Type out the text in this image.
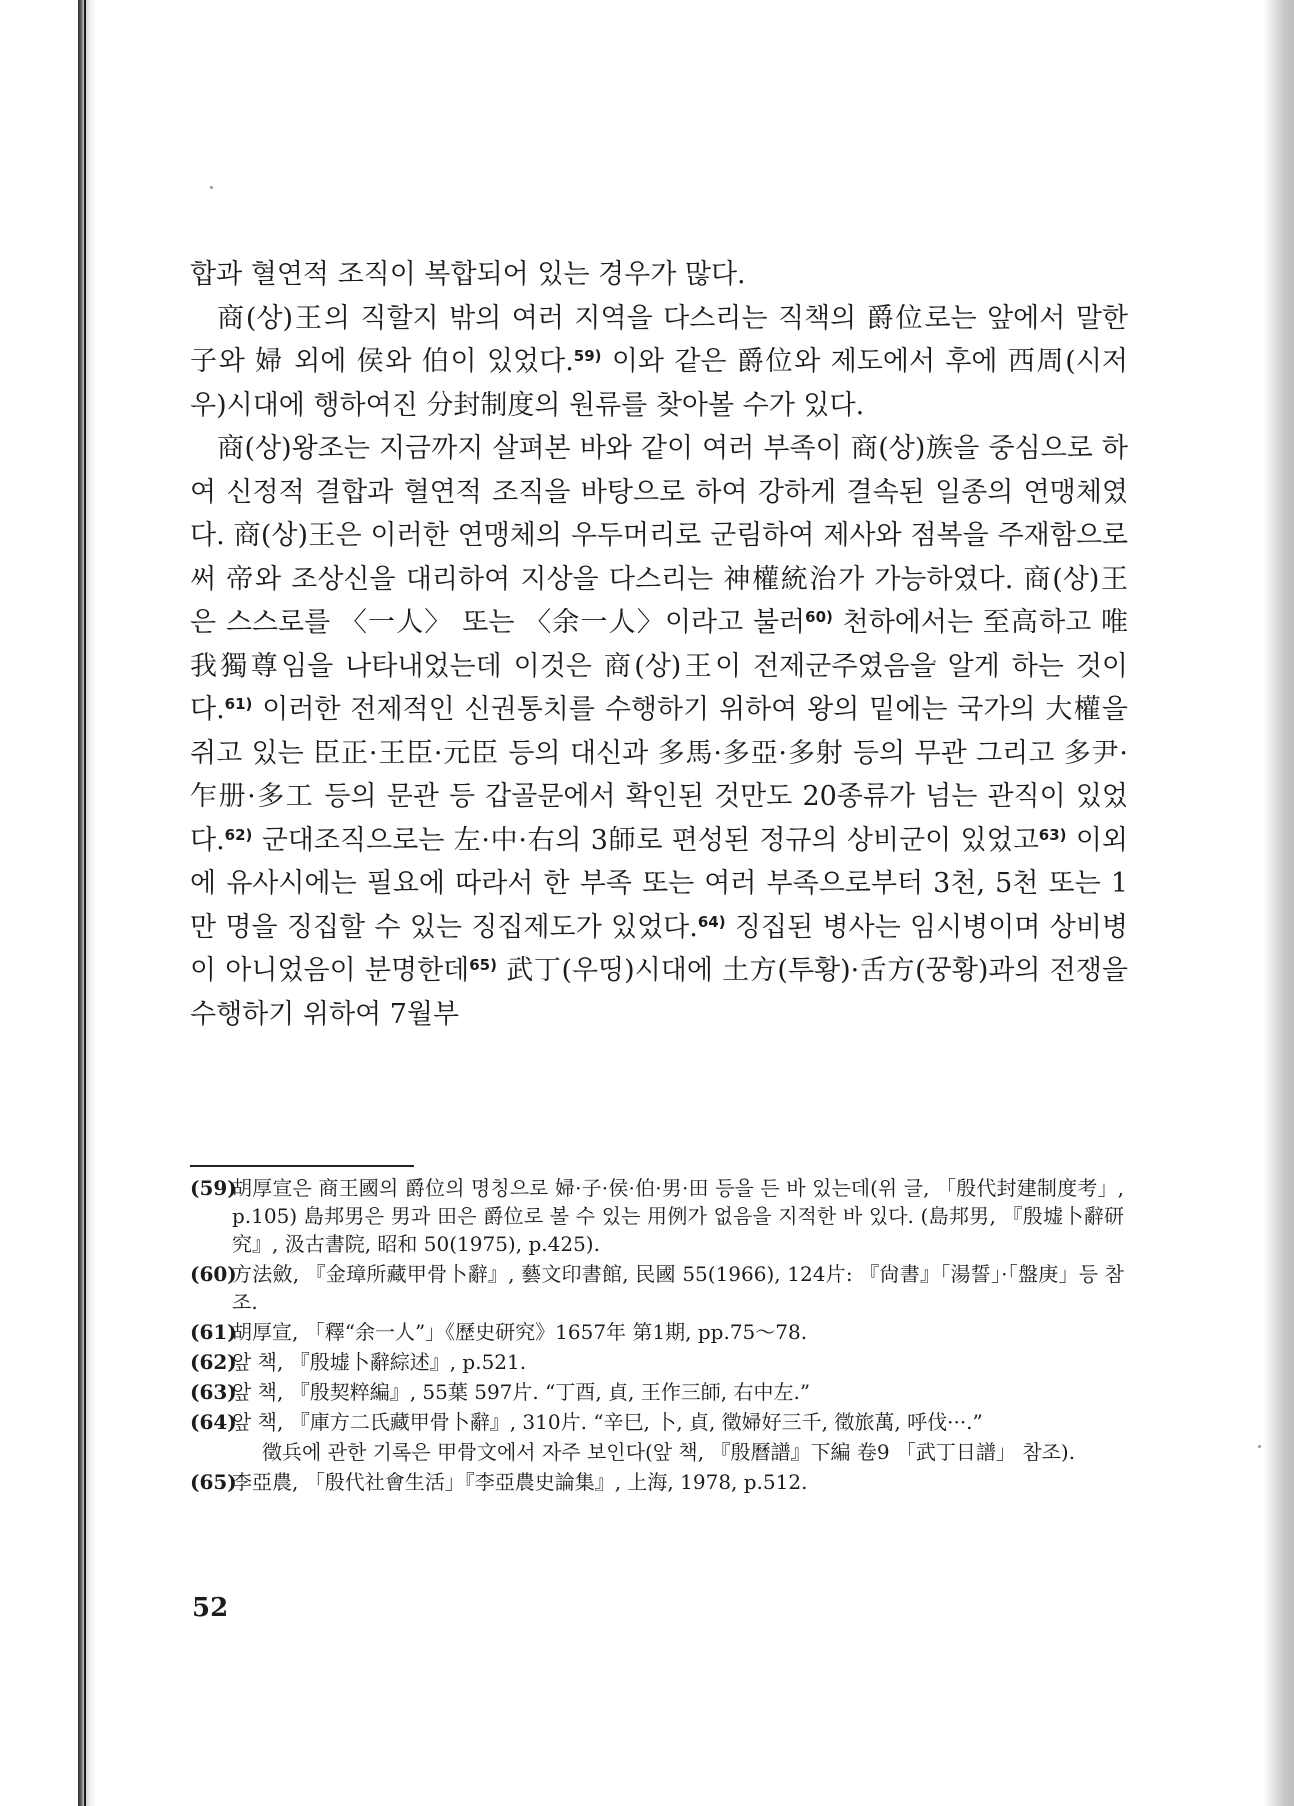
합과 혈연적 조직이 복합되어 있는 경우가 많다.

商(상)王의 직할지 밖의 여러 지역을 다스리는 직책의 爵位로는 앞에서 말한 子와 婦 외에 侯와 伯이 있었다.$^{59)}$ 이와 같은 爵位와 제도에서 후에 西周(시저우)시대에 행하여진 分封制度의 원류를 찾아볼 수가 있다.

商(상)왕조는 지금까지 살펴본 바와 같이 여러 부족이 商(상)族을 중심으로 하여 신정적 결합과 혈연적 조직을 바탕으로 하여 강하게 결속된 일종의 연맹체였다. 商(상)王은 이러한 연맹체의 우두머리로 군림하여 제사와 점복을 주재함으로써 帝와 조상신을 대리하여 지상을 다스리는 神權統治가 가능하였다. 商(상)王은 스스로를 〈一人〉 또는 〈余一人〉이라고 불러$^{60)}$ 천하에서는 至高하고 唯我獨尊임을 나타내었는데 이것은 商(상)王이 전제군주였음을 알게 하는 것이다.$^{61)}$ 이러한 전제적인 신권통치를 수행하기 위하여 왕의 밑에는 국가의 大權을 쥐고 있는 臣正·王臣·元臣 등의 대신과 多馬·多亞·多射 등의 무관 그리고 多尹·乍册·多工 등의 문관 등 갑골문에서 확인된 것만도 20종류가 넘는 관직이 있었다.$^{62)}$ 군대조직으로는 左·中·右의 3師로 편성된 정규의 상비군이 있었고$^{63)}$ 이외에 유사시에는 필요에 따라서 한 부족 또는 여러 부족으로부터 3천, 5천 또는 1만 명을 징집할 수 있는 징집제도가 있었다.$^{64)}$ 징집된 병사는 임시병이며 상비병이 아니었음이 분명한데$^{65)}$ 武丁(우띵)시대에 土方(투황)·舌方(꿍황)과의 전쟁을 수행하기 위하여 7월부

(59)
胡厚宣은 商王國의 爵位의 명칭으로 婦·子·侯·伯·男·田 등을 든 바 있는데(위 글, 「殷代封建制度考」, p.105) 島邦男은 男과 田은 爵位로 볼 수 있는 用例가 없음을 지적한 바 있다. (島邦男, 『殷墟卜辭研究』, 汲古書院, 昭和 50(1975), p.425).
(60)
方法斂, 『金璋所藏甲骨卜辭』, 藝文印書館, 民國 55(1966), 124片: 『尙書』「湯誓」·「盤庚」등 참조.
(61)
胡厚宣, 「釋“余一人”」《歷史研究》1657年 第1期, pp.75～78.
(62)
앞 책, 『殷墟卜辭綜述』, p.521.
(63)
앞 책, 『殷契粹編』, 55葉 597片. “丁酉, 貞, 王作三師, 右中左.”
(64)
앞 책, 『庫方二氏藏甲骨卜辭』, 310片. “辛巳, 卜, 貞, 徵婦好三千, 徵旅萬, 呼伐···.”
徵兵에 관한 기록은 甲骨文에서 자주 보인다(앞 책, 『殷曆譜』下編 卷9 「武丁日譜」 참조).
(65)
李亞農, 「殷代社會生活」『李亞農史論集』, 上海, 1978, p.512.
52
